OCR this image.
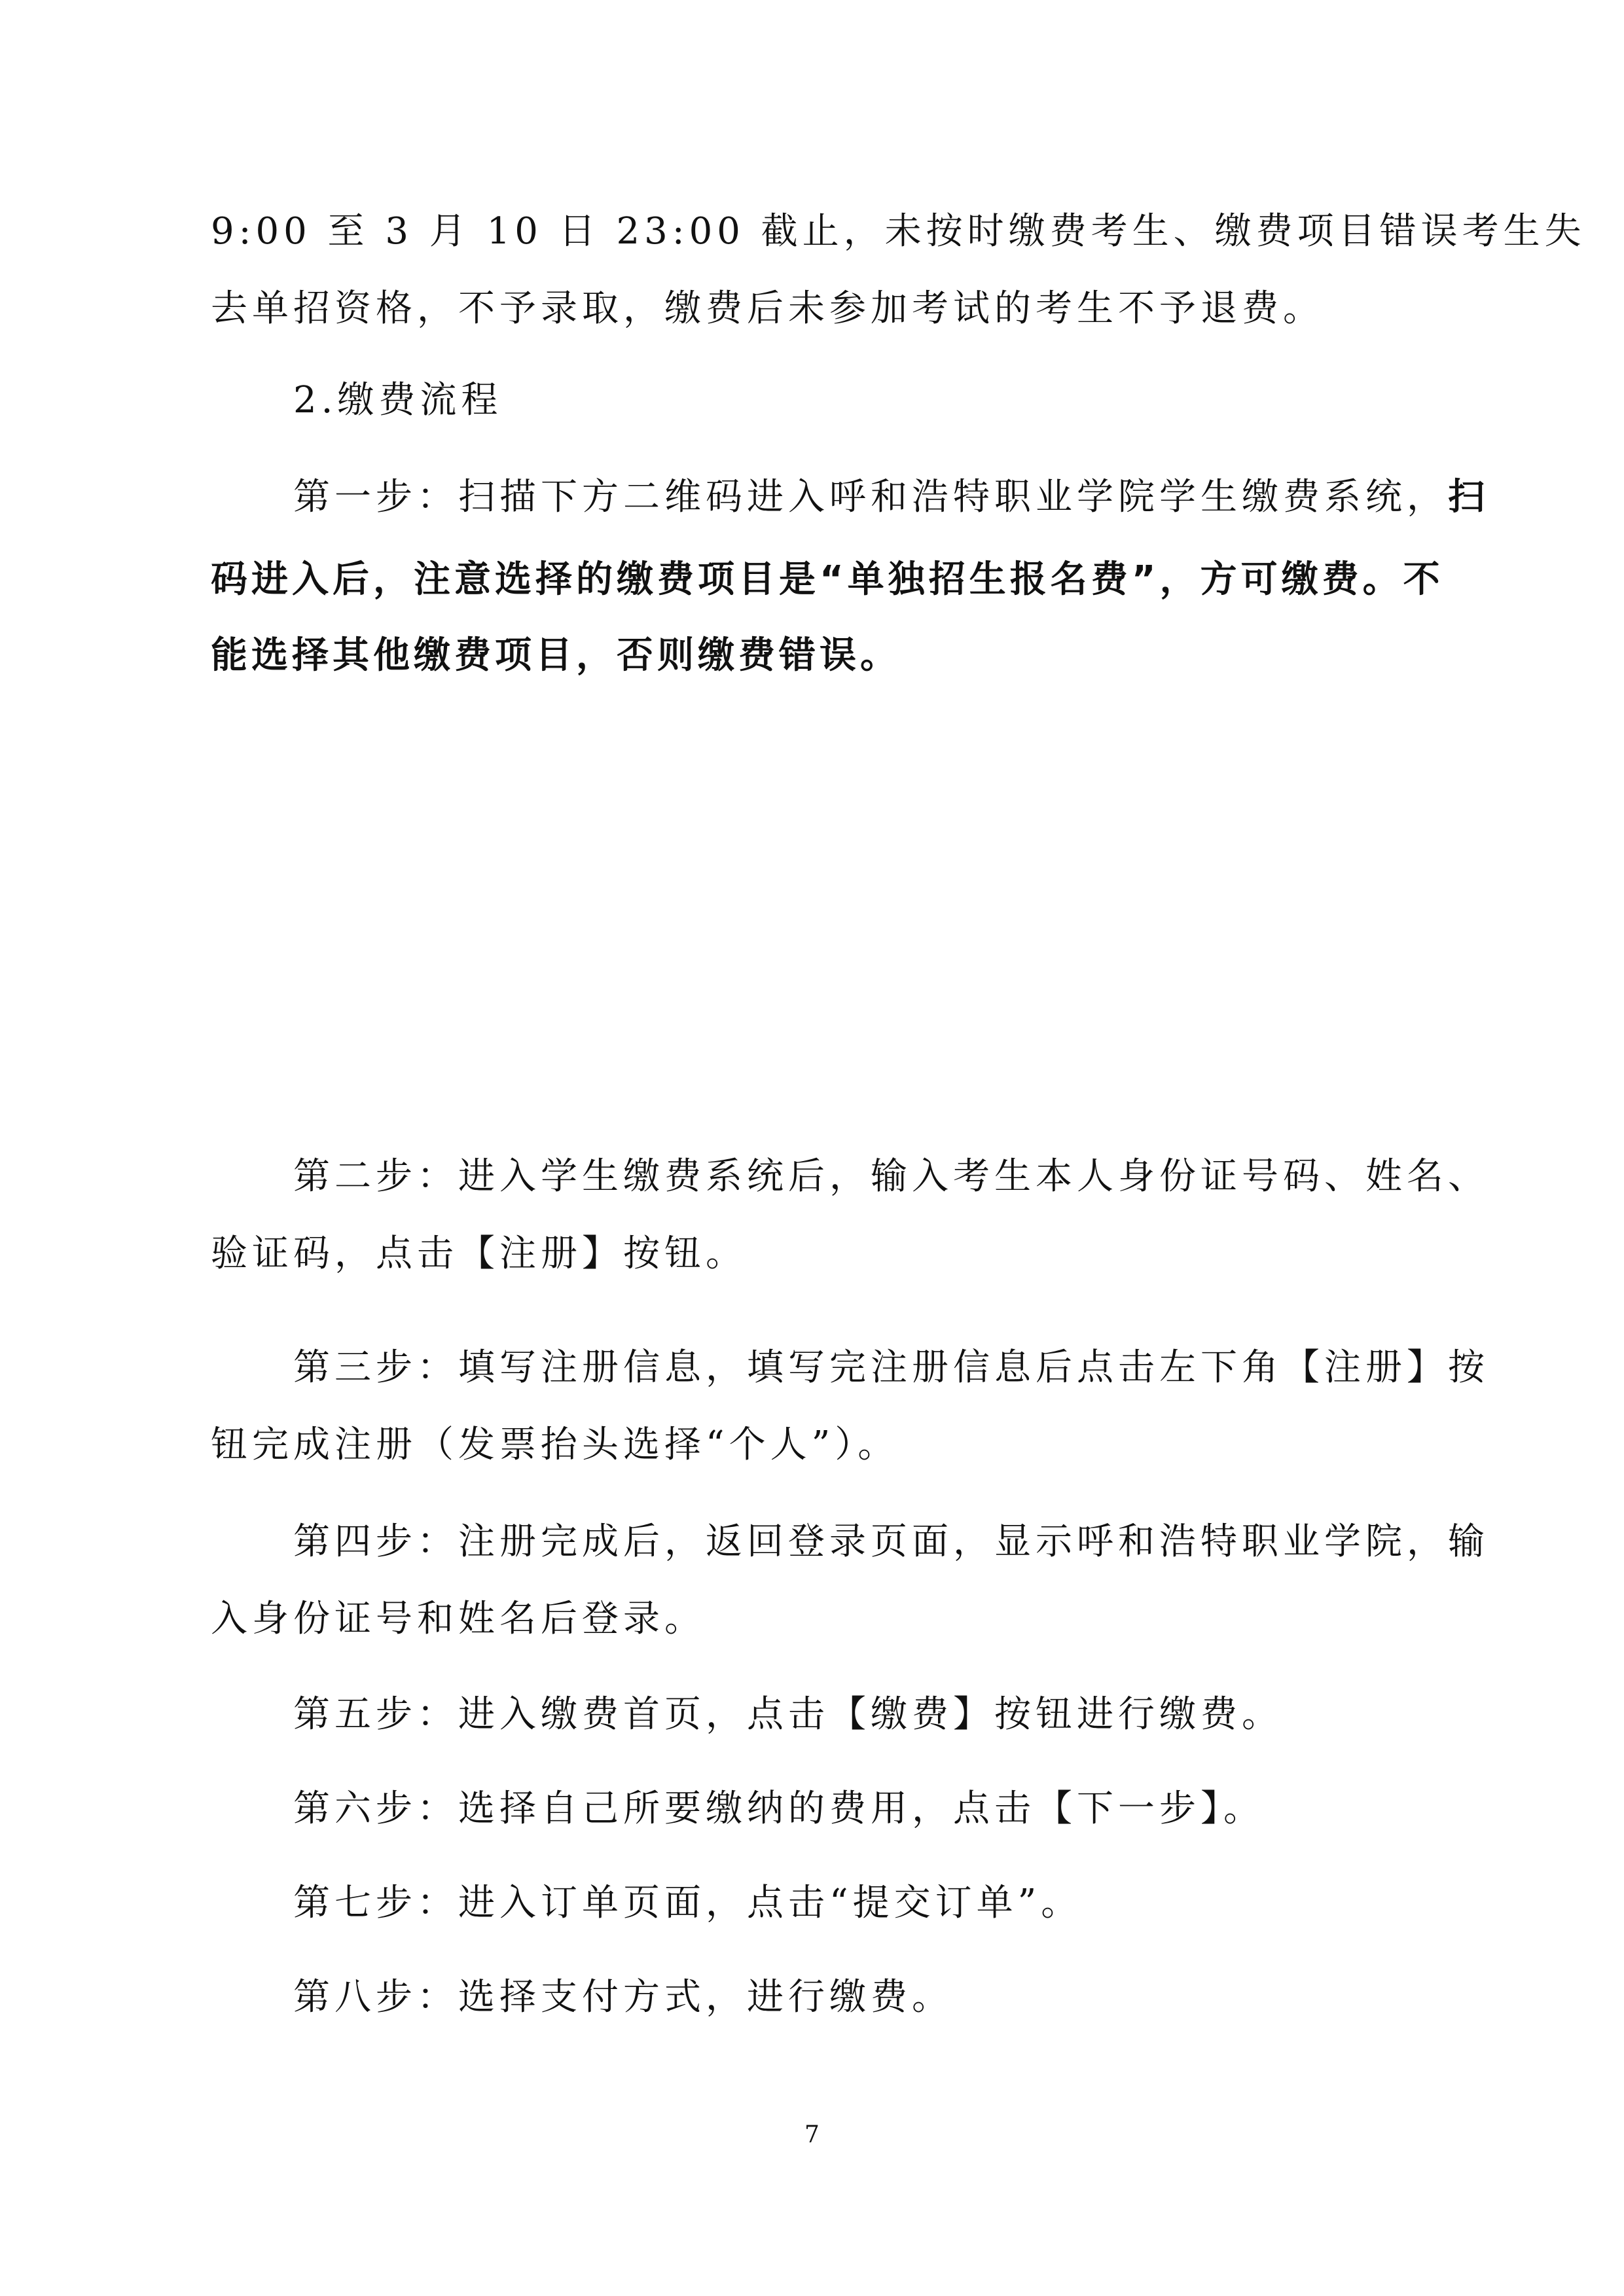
9:00 至 3 月 10 日 23:00 截止，未按时缴费考生、缴费项目错误考生失
去单招资格，不予录取，缴费后未参加考试的考生不予退费。
2.缴费流程
第一步：扫描下方二维码进入呼和浩特职业学院学生缴费系统，扫
码进入后，注意选择的缴费项目是“单独招生报名费”，方可缴费。不
能选择其他缴费项目，否则缴费错误。
第二步：进入学生缴费系统后，输入考生本人身份证号码、姓名、
验证码，点击【注册】按钮。
第三步：填写注册信息，填写完注册信息后点击左下角【注册】按
钮完成注册（发票抬头选择“个人”）。
第四步：注册完成后，返回登录页面，显示呼和浩特职业学院，输
入身份证号和姓名后登录。
第五步：进入缴费首页，点击【缴费】按钮进行缴费。
第六步：选择自己所要缴纳的费用，点击【下一步】。
第七步：进入订单页面，点击“提交订单”。
第八步：选择支付方式，进行缴费。
7
